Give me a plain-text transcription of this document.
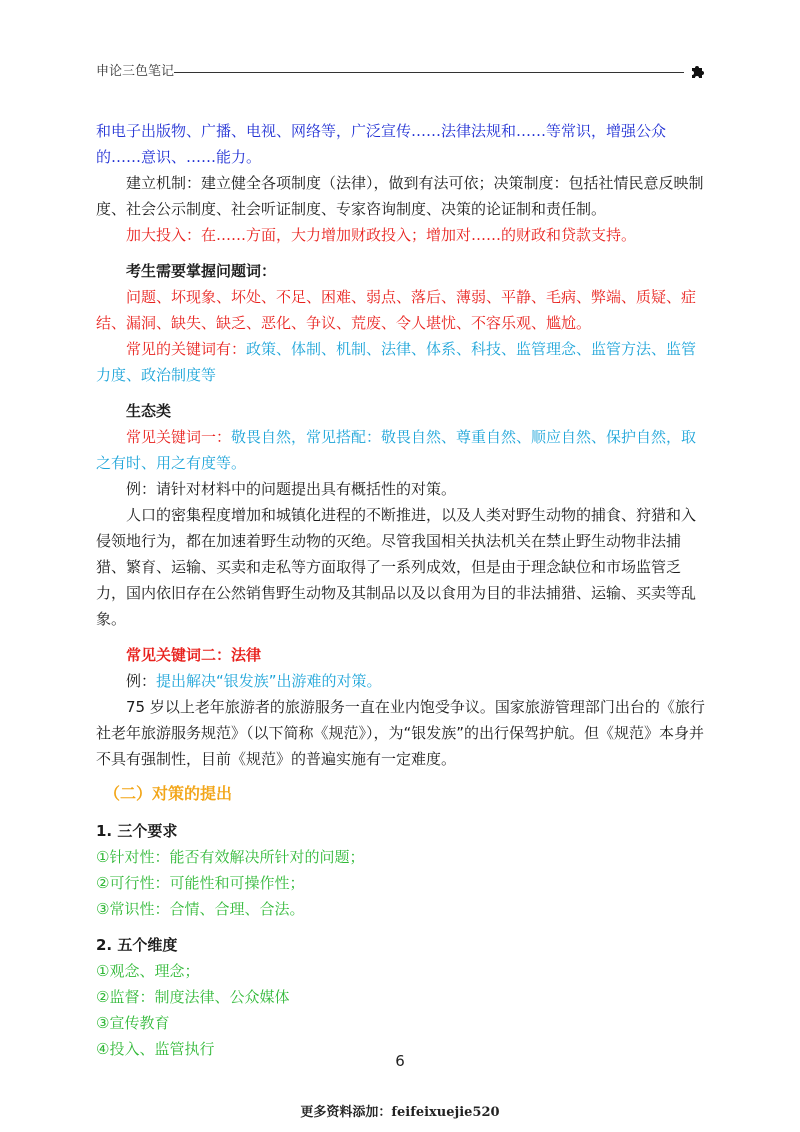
申论三色笔记

和电子出版物、广播、电视、网络等，广泛宣传……法律法规和……等常识，增强公众的……意识、……能力。

建立机制：建立健全各项制度（法律），做到有法可依；决策制度：包括社情民意反映制度、社会公示制度、社会听证制度、专家咨询制度、决策的论证制和责任制。

加大投入：在……方面，大力增加财政投入；增加对……的财政和贷款支持。

考生需要掌握问题词：

问题、坏现象、坏处、不足、困难、弱点、落后、薄弱、平静、毛病、弊端、质疑、症结、漏洞、缺失、缺乏、恶化、争议、荒废、令人堪忧、不容乐观、尴尬。

常见的关键词有：政策、体制、机制、法律、体系、科技、监管理念、监管方法、监管力度、政治制度等

生态类

常见关键词一：敬畏自然，常见搭配：敬畏自然、尊重自然、顺应自然、保护自然，取之有时、用之有度等。

例：请针对材料中的问题提出具有概括性的对策。

人口的密集程度增加和城镇化进程的不断推进，以及人类对野生动物的捕食、狩猎和入侵领地行为，都在加速着野生动物的灭绝。尽管我国相关执法机关在禁止野生动物非法捕猎、繁育、运输、买卖和走私等方面取得了一系列成效，但是由于理念缺位和市场监管乏力，国内依旧存在公然销售野生动物及其制品以及以食用为目的非法捕猎、运输、买卖等乱象。

常见关键词二：法律

例：提出解决“银发族”出游难的对策。

75 岁以上老年旅游者的旅游服务一直在业内饱受争议。国家旅游管理部门出台的《旅行社老年旅游服务规范》（以下简称《规范》），为“银发族”的出行保驾护航。但《规范》本身并不具有强制性，目前《规范》的普遍实施有一定难度。

（二）对策的提出

1. 三个要求

①针对性：能否有效解决所针对的问题；

②可行性：可能性和可操作性；

③常识性：合情、合理、合法。

2. 五个维度

①观念、理念；

②监督：制度法律、公众媒体

③宣传教育

④投入、监管执行

6
更多资料添加：feifeixuejie520
